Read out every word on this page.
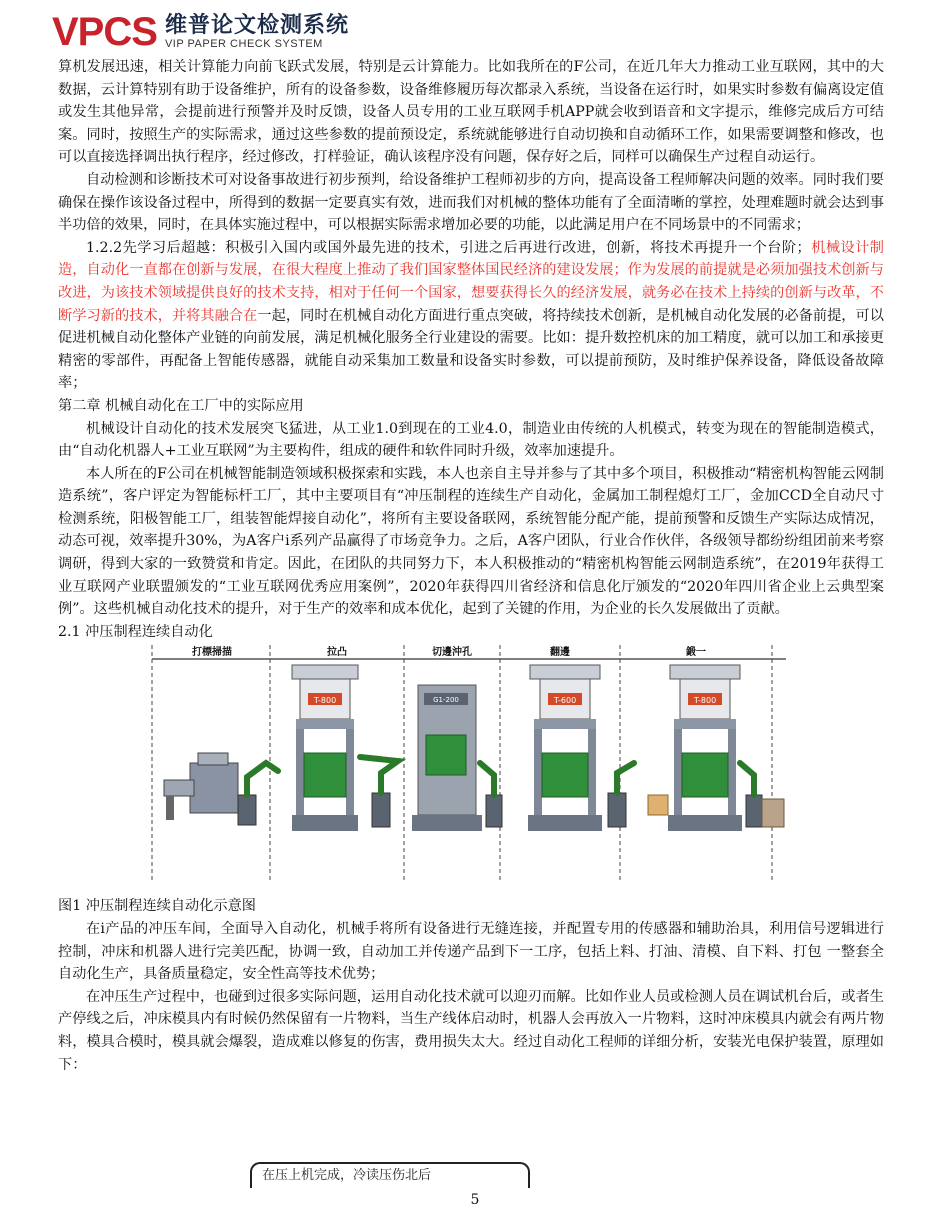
VPCS 维普论文检测系统
VIP PAPER CHECK SYSTEM

算机发展迅速，相关计算能力向前飞跃式发展，特别是云计算能力。比如我所在的F公司，在近几年大力推动工业互联网，其中的大数据，云计算特别有助于设备维护，所有的设备参数，设备维修履历每次都录入系统，当设备在运行时，如果实时参数有偏离设定值或发生其他异常，会提前进行预警并及时反馈，设备人员专用的工业互联网手机APP就会收到语音和文字提示，维修完成后方可结案。同时，按照生产的实际需求，通过这些参数的提前预设定，系统就能够进行自动切换和自动循环工作，如果需要调整和修改，也可以直接选择调出执行程序，经过修改，打样验证，确认该程序没有问题，保存好之后，同样可以确保生产过程自动运行。

自动检测和诊断技术可对设备事故进行初步预判，给设备维护工程师初步的方向，提高设备工程师解决问题的效率。同时我们要确保在操作该设备过程中，所得到的数据一定要真实有效，进而我们对机械的整体功能有了全面清晰的掌控，处理难题时就会达到事半功倍的效果，同时，在具体实施过程中，可以根据实际需求增加必要的功能，以此满足用户在不同场景中的不同需求；

1.2.2先学习后超越：积极引入国内或国外最先进的技术，引进之后再进行改进，创新，将技术再提升一个台阶；机械设计制造，自动化一直都在创新与发展，在很大程度上推动了我们国家整体国民经济的建设发展；作为发展的前提就是必须加强技术创新与改进，为该技术领域提供良好的技术支持，相对于任何一个国家，想要获得长久的经济发展，就务必在技术上持续的创新与改革，不断学习新的技术，并将其融合在一起，同时在机械自动化方面进行重点突破，将持续技术创新，是机械自动化发展的必备前提，可以促进机械自动化整体产业链的向前发展，满足机械化服务全行业建设的需要。比如：提升数控机床的加工精度，就可以加工和承接更精密的零部件，再配备上智能传感器，就能自动采集加工数量和设备实时参数，可以提前预防，及时维护保养设备，降低设备故障率；

第二章 机械自动化在工厂中的实际应用

机械设计自动化的技术发展突飞猛进，从工业1.0到现在的工业4.0，制造业由传统的人机模式，转变为现在的智能制造模式，由“自动化机器人+工业互联网”为主要构件，组成的硬件和软件同时升级，效率加速提升。

本人所在的F公司在机械智能制造领域积极探索和实践，本人也亲自主导并参与了其中多个项目，积极推动“精密机构智能云网制造系统”，客户评定为智能标杆工厂，其中主要项目有“冲压制程的连续生产自动化，金属加工制程熄灯工厂，金加CCD全自动尺寸检测系统，阳极智能工厂，组装智能焊接自动化”，将所有主要设备联网，系统智能分配产能，提前预警和反馈生产实际达成情况，动态可视，效率提升30%，为A客户i系列产品赢得了市场竞争力。之后，A客户团队，行业合作伙伴，各级领导都纷纷组团前来考察调研，得到大家的一致赞赏和肯定。因此，在团队的共同努力下，本人积极推动的“精密机构智能云网制造系统”，在2019年获得工业互联网产业联盟颁发的“工业互联网优秀应用案例”，2020年获得四川省经济和信息化厅颁发的“2020年四川省企业上云典型案例”。这些机械自动化技术的提升，对于生产的效率和成本优化，起到了关键的作用，为企业的长久发展做出了贡献。

2.1 冲压制程连续自动化

打標掃描	拉凸	切邊沖孔	翻邊	鍛一
T-800	G1-200	T-600	T-800

图1 冲压制程连续自动化示意图

在i产品的冲压车间，全面导入自动化，机械手将所有设备进行无缝连接，并配置专用的传感器和辅助治具，利用信号逻辑进行控制，冲床和机器人进行完美匹配，协调一致，自动加工并传递产品到下一工序，包括上料、打油、清模、自下料、打包 一整套全自动化生产，具备质量稳定，安全性高等技术优势；

在冲压生产过程中，也碰到过很多实际问题，运用自动化技术就可以迎刃而解。比如作业人员或检测人员在调试机台后，或者生产停线之后，冲床模具内有时候仍然保留有一片物料，当生产线体启动时，机器人会再放入一片物料，这时冲床模具内就会有两片物料，模具合模时，模具就会爆裂，造成难以修复的伤害，费用损失太大。经过自动化工程师的详细分析，安装光电保护装置，原理如下：

在压上机完成，冷读压伤北后
5
